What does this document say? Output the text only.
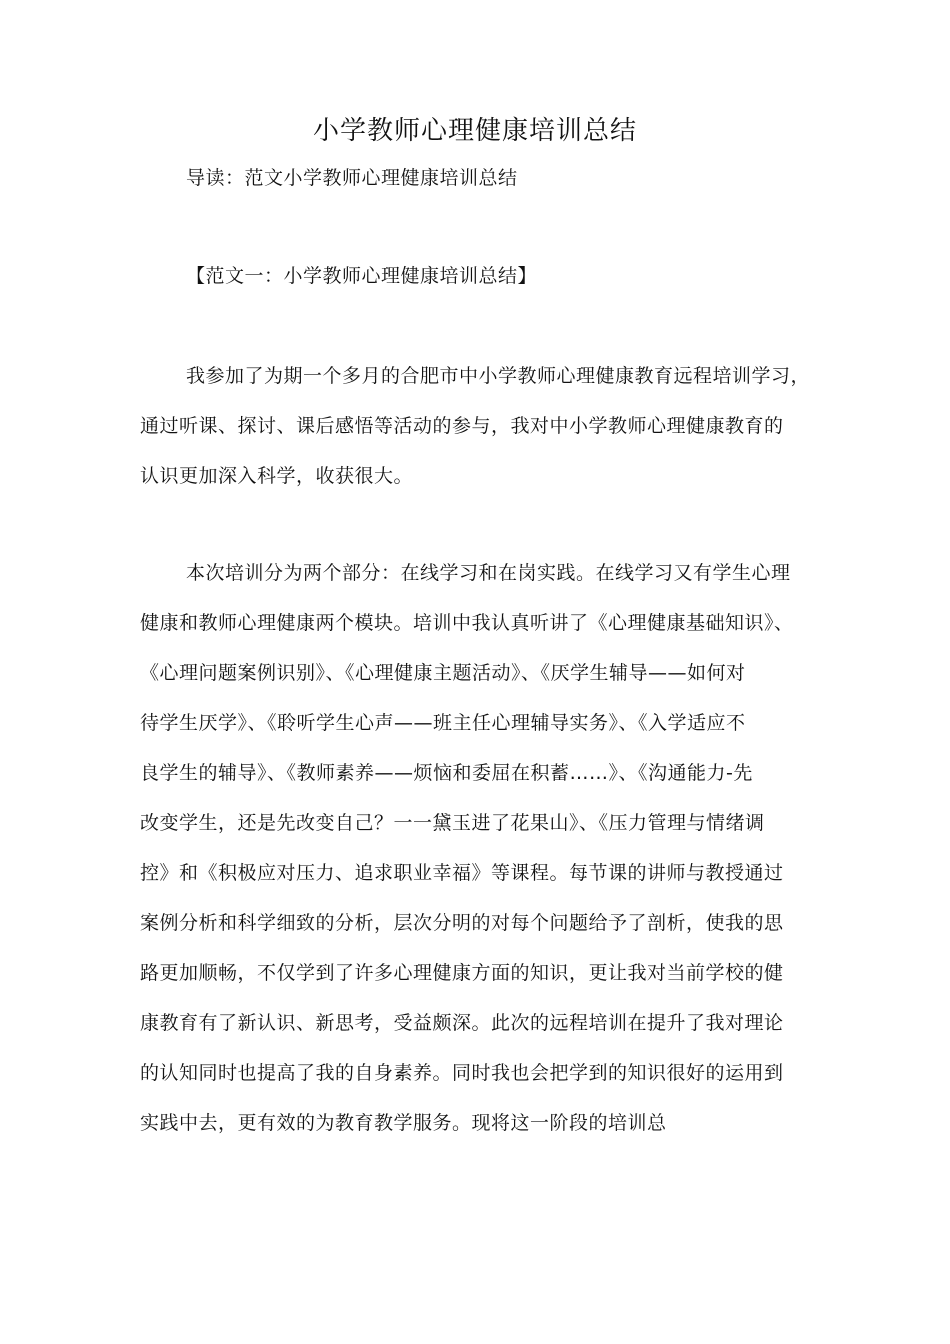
小学教师心理健康培训总结
导读：范文小学教师心理健康培训总结
【范文一：小学教师心理健康培训总结】
我参加了为期一个多月的合肥市中小学教师心理健康教育远程培训学习，
通过听课、探讨、课后感悟等活动的参与，我对中小学教师心理健康教育的
认识更加深入科学，收获很大。
本次培训分为两个部分：在线学习和在岗实践。在线学习又有学生心理
健康和教师心理健康两个模块。培训中我认真听讲了《心理健康基础知识》、
《心理问题案例识别》、《心理健康主题活动》、《厌学生辅导——如何对
待学生厌学》、《聆听学生心声——班主任心理辅导实务》、《入学适应不
良学生的辅导》、《教师素养——烦恼和委屈在积蓄……》、《沟通能力-先
改变学生，还是先改变自己？一一黛玉进了花果山》、《压力管理与情绪调
控》和《积极应对压力、追求职业幸福》等课程。每节课的讲师与教授通过
案例分析和科学细致的分析，层次分明的对每个问题给予了剖析，使我的思
路更加顺畅，不仅学到了许多心理健康方面的知识，更让我对当前学校的健
康教育有了新认识、新思考，受益颇深。此次的远程培训在提升了我对理论
的认知同时也提高了我的自身素养。同时我也会把学到的知识很好的运用到
实践中去，更有效的为教育教学服务。现将这一阶段的培训总
